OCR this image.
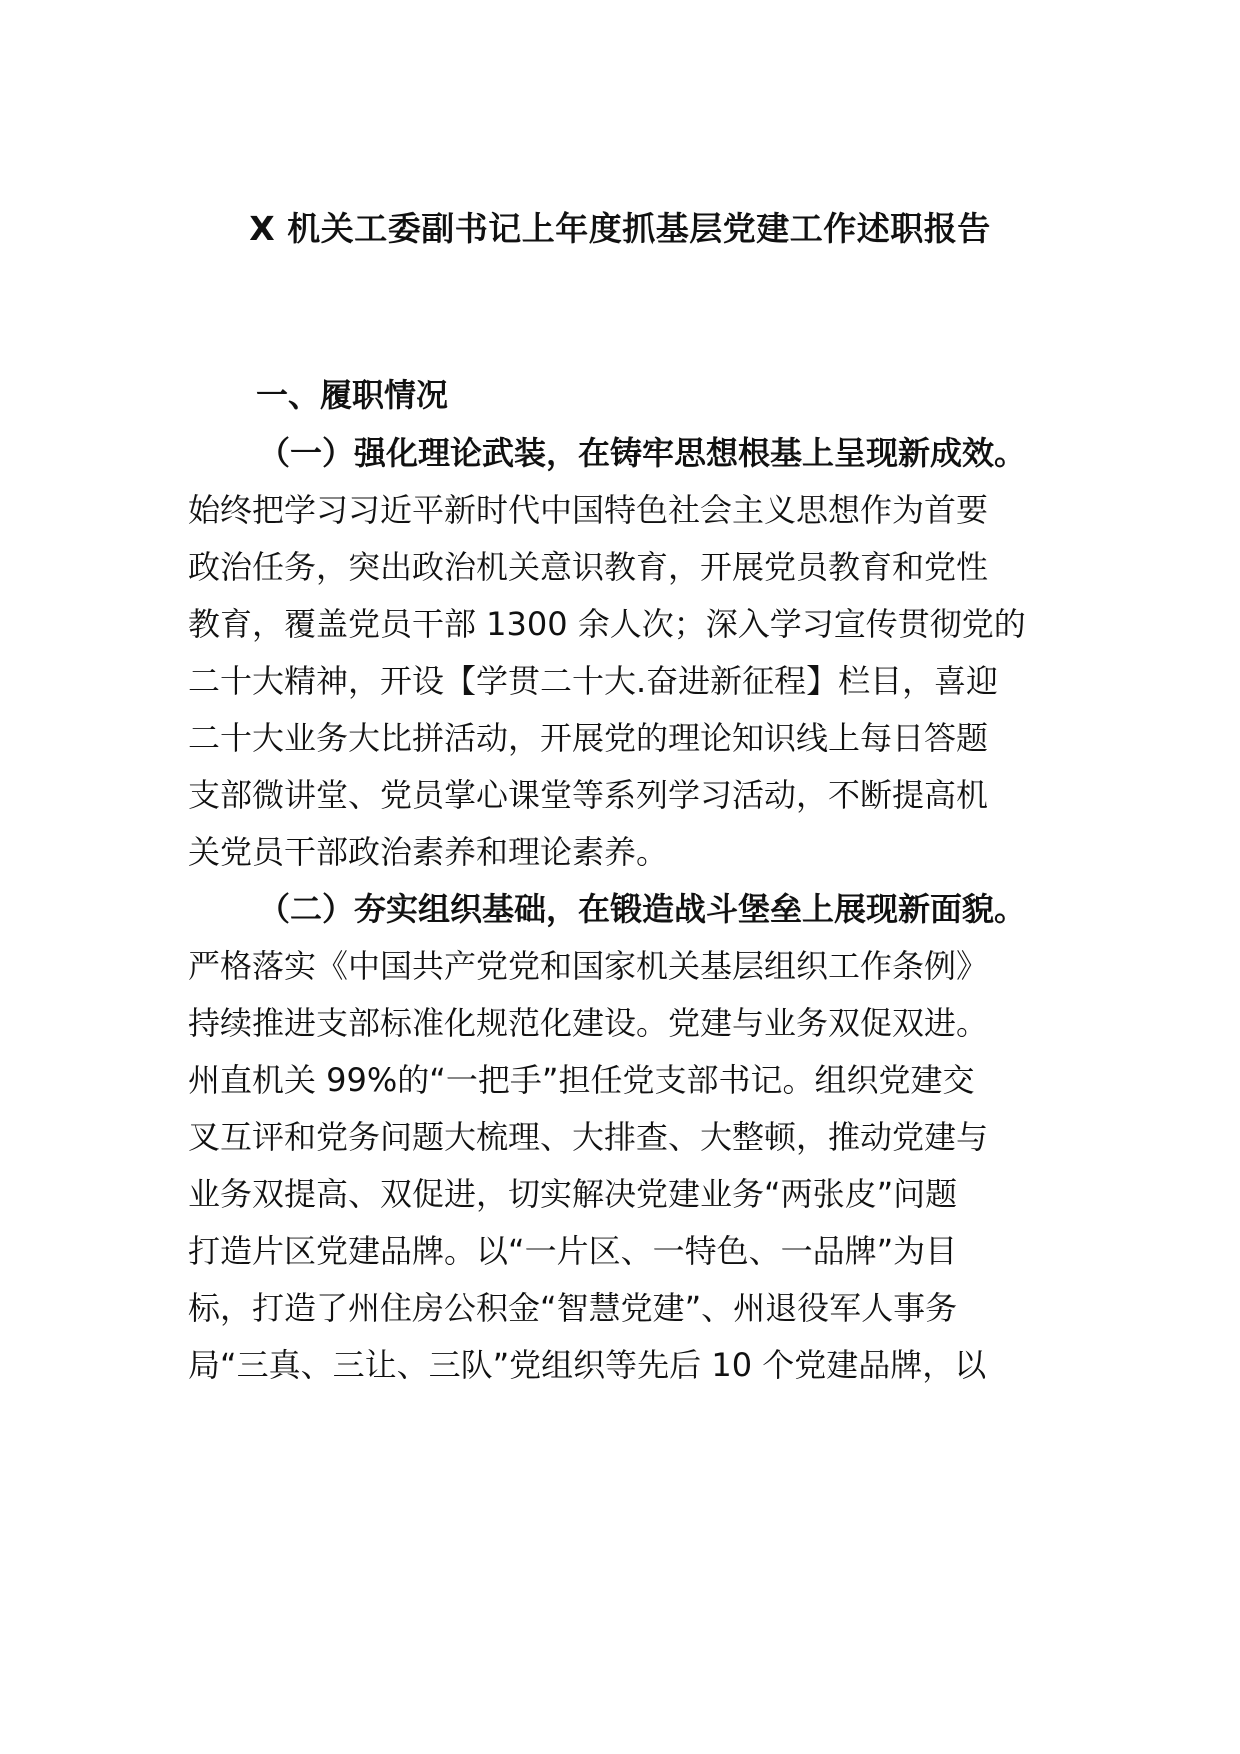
X 机关工委副书记上年度抓基层党建工作述职报告
一、履职情况
（一）强化理论武装，在铸牢思想根基上呈现新成效。
始终把学习习近平新时代中国特色社会主义思想作为首要
政治任务，突出政治机关意识教育，开展党员教育和党性
教育，覆盖党员干部 1300 余人次；深入学习宣传贯彻党的
二十大精神，开设【学贯二十大.奋进新征程】栏目，喜迎
二十大业务大比拼活动，开展党的理论知识线上每日答题
支部微讲堂、党员掌心课堂等系列学习活动，不断提高机
关党员干部政治素养和理论素养。
（二）夯实组织基础，在锻造战斗堡垒上展现新面貌。
严格落实《中国共产党党和国家机关基层组织工作条例》
持续推进支部标准化规范化建设。党建与业务双促双进。
州直机关 99%的“一把手”担任党支部书记。组织党建交
叉互评和党务问题大梳理、大排查、大整顿，推动党建与
业务双提高、双促进，切实解决党建业务“两张皮”问题
打造片区党建品牌。以“一片区、一特色、一品牌”为目
标，打造了州住房公积金“智慧党建”、州退役军人事务
局“三真、三让、三队”党组织等先后 10 个党建品牌，以
